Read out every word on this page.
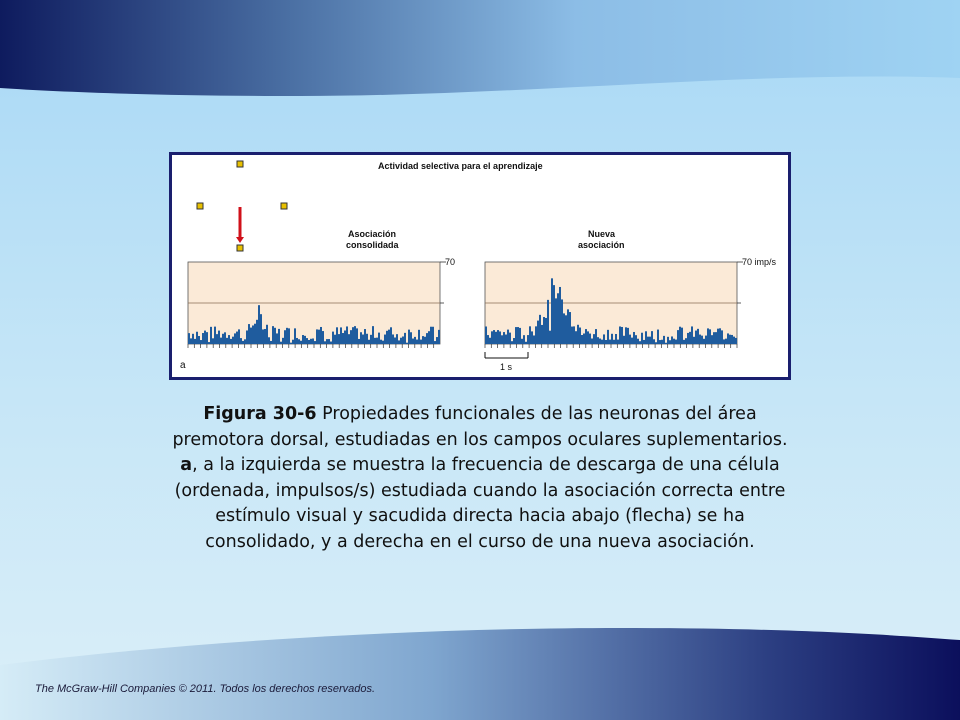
Actividad selectiva para el aprendizaje
Asociación
consolidada
Nueva
asociación
70	70 imp/s
1 s
a
Figura 30-6 Propiedades funcionales de las neuronas del área premotora dorsal, estudiadas en los campos oculares suplementarios. a, a la izquierda se muestra la frecuencia de descarga de una célula (ordenada, impulsos/s) estudiada cuando la asociación correcta entre estímulo visual y sacudida directa hacia abajo (flecha) se ha consolidado, y a derecha en el curso de una nueva asociación.
The McGraw-Hill Companies © 2011. Todos los derechos reservados.
